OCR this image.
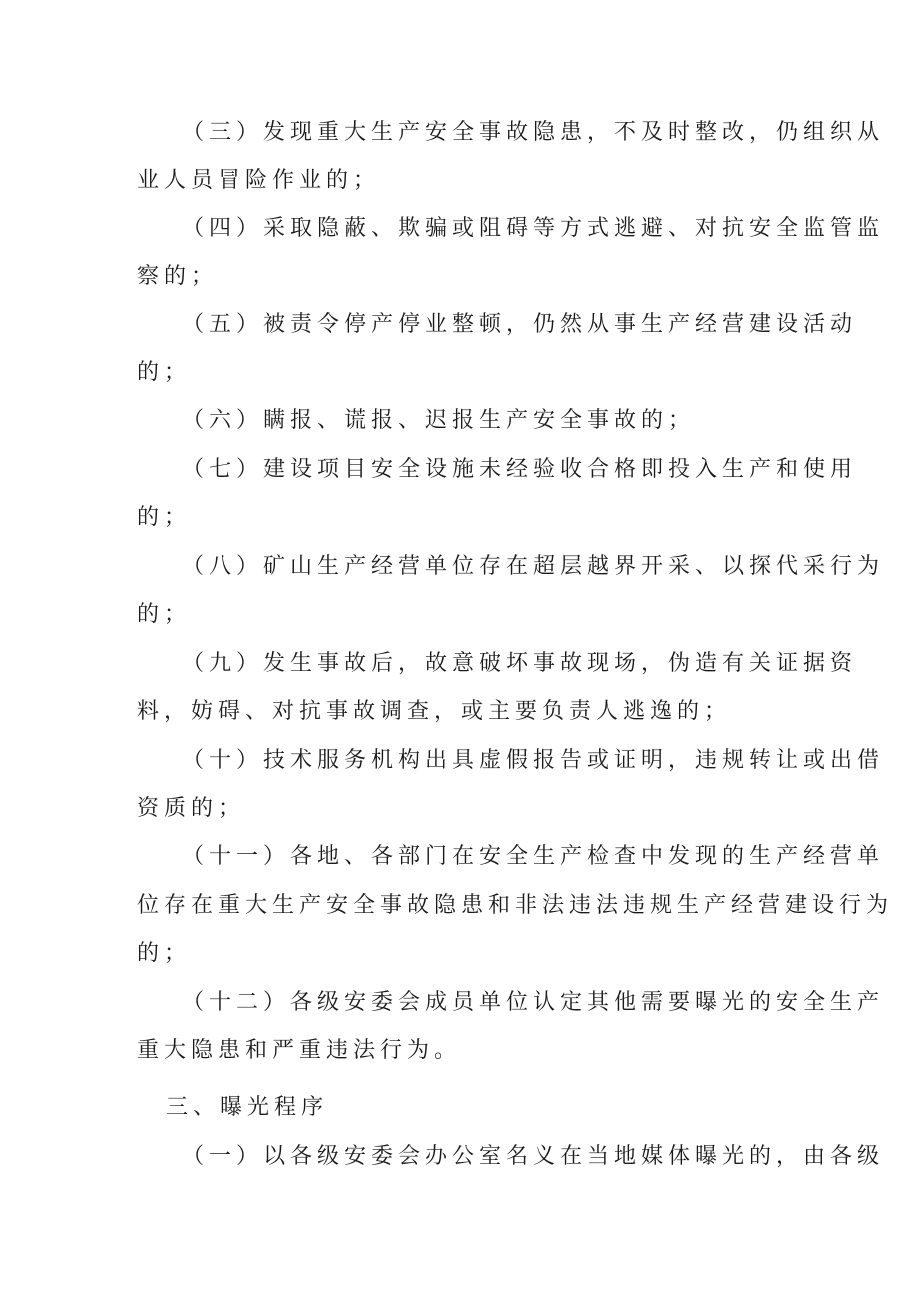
（三）发现重大生产安全事故隐患，不及时整改，仍组织从
业人员冒险作业的；
（四）采取隐蔽、欺骗或阻碍等方式逃避、对抗安全监管监
察的；
（五）被责令停产停业整顿，仍然从事生产经营建设活动
的；
（六）瞒报、谎报、迟报生产安全事故的；
（七）建设项目安全设施未经验收合格即投入生产和使用
的；
（八）矿山生产经营单位存在超层越界开采、以探代采行为
的；
（九）发生事故后，故意破坏事故现场，伪造有关证据资
料，妨碍、对抗事故调查，或主要负责人逃逸的；
（十）技术服务机构出具虚假报告或证明，违规转让或出借
资质的；
（十一）各地、各部门在安全生产检查中发现的生产经营单
位存在重大生产安全事故隐患和非法违法违规生产经营建设行为
的；
（十二）各级安委会成员单位认定其他需要曝光的安全生产
重大隐患和严重违法行为。
三、曝光程序
（一）以各级安委会办公室名义在当地媒体曝光的，由各级
